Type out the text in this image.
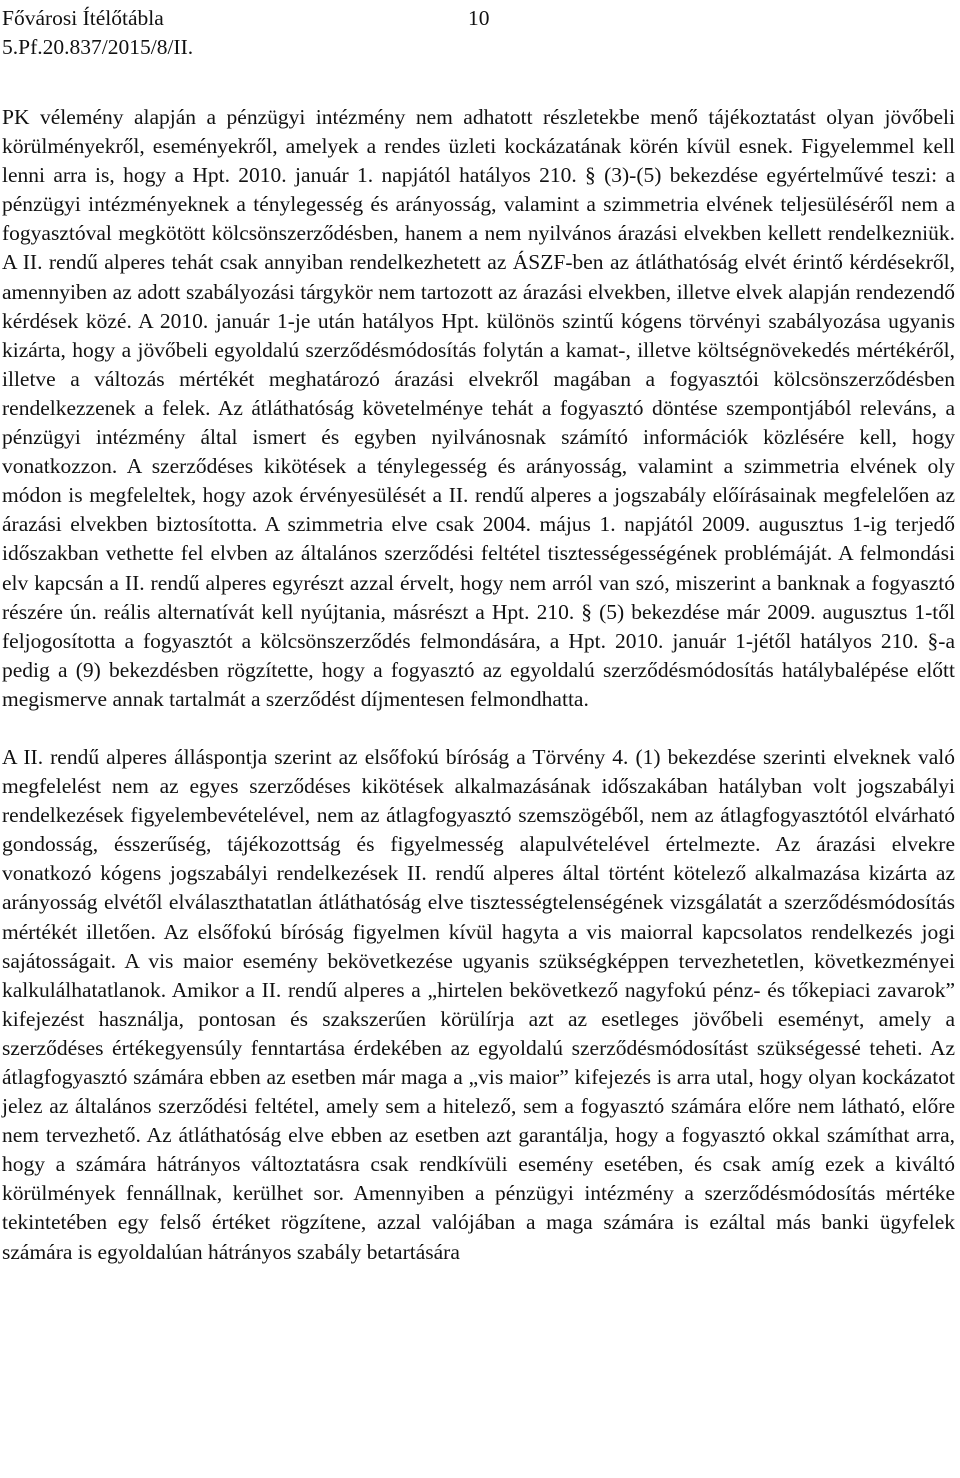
Fővárosi Ítélőtábla	10
5.Pf.20.837/2015/8/II.

PK vélemény alapján a pénzügyi intézmény nem adhatott részletekbe menő tájékoztatást olyan jövőbeli körülményekről, eseményekről, amelyek a rendes üzleti kockázatának körén kívül esnek. Figyelemmel kell lenni arra is, hogy a Hpt. 2010. január 1. napjától hatályos 210. § (3)-(5) bekezdése egyértelművé teszi: a pénzügyi intézményeknek a ténylegesség és arányosság, valamint a szimmetria elvének teljesüléséről nem a fogyasztóval megkötött kölcsönszerződésben, hanem a nem nyilvános árazási elvekben kellett rendelkezniük. A II. rendű alperes tehát csak annyiban rendelkezhetett az ÁSZF-ben az átláthatóság elvét érintő kérdésekről, amennyiben az adott szabályozási tárgykör nem tartozott az árazási elvekben, illetve elvek alapján rendezendő kérdések közé. A 2010. január 1-je után hatályos Hpt. különös szintű kógens törvényi szabályozása ugyanis kizárta, hogy a jövőbeli egyoldalú szerződésmódosítás folytán a kamat-, illetve költségnövekedés mértékéről, illetve a változás mértékét meghatározó árazási elvekről magában a fogyasztói kölcsönszerződésben rendelkezzenek a felek. Az átláthatóság követelménye tehát a fogyasztó döntése szempontjából releváns, a pénzügyi intézmény által ismert és egyben nyilvánosnak számító információk közlésére kell, hogy vonatkozzon. A szerződéses kikötések a ténylegesség és arányosság, valamint a szimmetria elvének oly módon is megfeleltek, hogy azok érvényesülését a II. rendű alperes a jogszabály előírásainak megfelelően az árazási elvekben biztosította. A szimmetria elve csak 2004. május 1. napjától 2009. augusztus 1-ig terjedő időszakban vethette fel elvben az általános szerződési feltétel tisztességességének problémáját. A felmondási elv kapcsán a II. rendű alperes egyrészt azzal érvelt, hogy nem arról van szó, miszerint a banknak a fogyasztó részére ún. reális alternatívát kell nyújtania, másrészt a Hpt. 210. § (5) bekezdése már 2009. augusztus 1-től feljogosította a fogyasztót a kölcsönszerződés felmondására, a Hpt. 2010. január 1-jétől hatályos 210. §-a pedig a (9) bekezdésben rögzítette, hogy a fogyasztó az egyoldalú szerződésmódosítás hatálybalépése előtt megismerve annak tartalmát a szerződést díjmentesen felmondhatta.

A II. rendű alperes álláspontja szerint az elsőfokú bíróság a Törvény 4. (1) bekezdése szerinti elveknek való megfelelést nem az egyes szerződéses kikötések alkalmazásának időszakában hatályban volt jogszabályi rendelkezések figyelembevételével, nem az átlagfogyasztó szemszögéből, nem az átlagfogyasztótól elvárható gondosság, ésszerűség, tájékozottság és figyelmesség alapulvételével értelmezte. Az árazási elvekre vonatkozó kógens jogszabályi rendelkezések II. rendű alperes által történt kötelező alkalmazása kizárta az arányosság elvétől elválaszthatatlan átláthatóság elve tisztességtelenségének vizsgálatát a szerződésmódosítás mértékét illetően. Az elsőfokú bíróság figyelmen kívül hagyta a vis maiorral kapcsolatos rendelkezés jogi sajátosságait. A vis maior esemény bekövetkezése ugyanis szükségképpen tervezhetetlen, következményei kalkulálhatatlanok. Amikor a II. rendű alperes a „hirtelen bekövetkező nagyfokú pénz- és tőkepiaci zavarok” kifejezést használja, pontosan és szakszerűen körülírja azt az esetleges jövőbeli eseményt, amely a szerződéses értékegyensúly fenntartása érdekében az egyoldalú szerződésmódosítást szükségessé teheti. Az átlagfogyasztó számára ebben az esetben már maga a „vis maior” kifejezés is arra utal, hogy olyan kockázatot jelez az általános szerződési feltétel, amely sem a hitelező, sem a fogyasztó számára előre nem látható, előre nem tervezhető. Az átláthatóság elve ebben az esetben azt garantálja, hogy a fogyasztó okkal számíthat arra, hogy a számára hátrányos változtatásra csak rendkívüli esemény esetében, és csak amíg ezek a kiváltó körülmények fennállnak, kerülhet sor. Amennyiben a pénzügyi intézmény a szerződésmódosítás mértéke tekintetében egy felső értéket rögzítene, azzal valójában a maga számára is ezáltal más banki ügyfelek számára is egyoldalúan hátrányos szabály betartására
